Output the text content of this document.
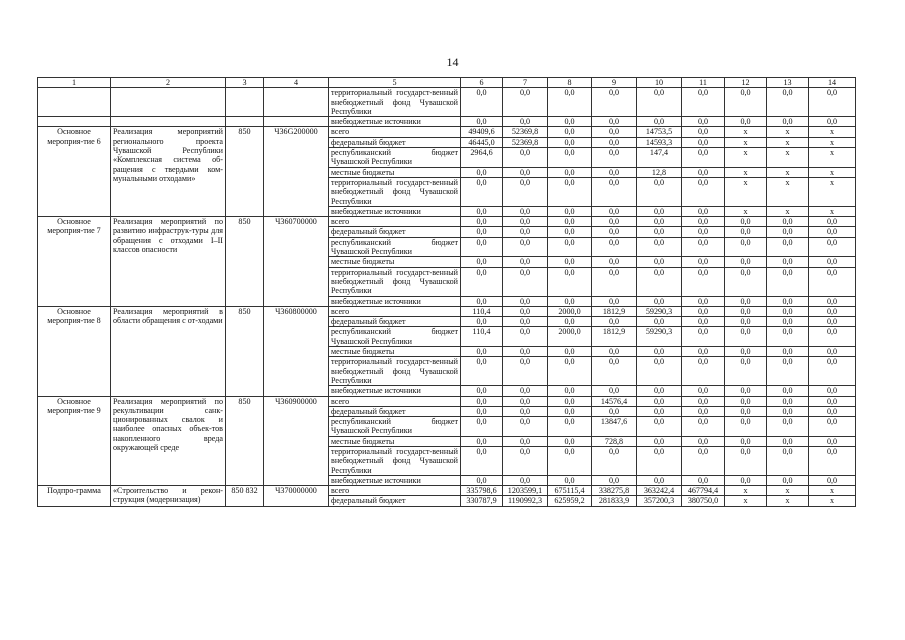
14
1	2	3	4	5	6	7	8	9	10	11	12	13	14
				территориальный государст-венный внебюджетный фонд Чувашской Республики	0,0	0,0	0,0	0,0	0,0	0,0	0,0	0,0	0,0
				внебюджетные источники	0,0	0,0	0,0	0,0	0,0	0,0	0,0	0,0	0,0
Основное мероприя-тие 6	Реализация мероприятий регионального проекта Чувашской Республики «Комплексная система об-ращения с твердыми ком-мунальными отходами»	850	Ч36G200000	всего	49409,6	52369,8	0,0	0,0	14753,5	0,0	x	x	x
				федеральный бюджет	46445,0	52369,8	0,0	0,0	14593,3	0,0	x	x	x
				республиканский бюджет Чувашской Республики	2964,6	0,0	0,0	0,0	147,4	0,0	x	x	x
				местные бюджеты	0,0	0,0	0,0	0,0	12,8	0,0	x	x	x
				территориальный государст-венный внебюджетный фонд Чувашской Республики	0,0	0,0	0,0	0,0	0,0	0,0	x	x	x
				внебюджетные источники	0,0	0,0	0,0	0,0	0,0	0,0	x	x	x
Основное мероприя-тие 7	Реализация мероприятий по развитию инфраструк-туры для обращения с отходами I–II классов опасности	850	Ч360700000	всего	0,0	0,0	0,0	0,0	0,0	0,0	0,0	0,0	0,0
				федеральный бюджет	0,0	0,0	0,0	0,0	0,0	0,0	0,0	0,0	0,0
				республиканский бюджет Чувашской Республики	0,0	0,0	0,0	0,0	0,0	0,0	0,0	0,0	0,0
				местные бюджеты	0,0	0,0	0,0	0,0	0,0	0,0	0,0	0,0	0,0
				территориальный государст-венный внебюджетный фонд Чувашской Республики	0,0	0,0	0,0	0,0	0,0	0,0	0,0	0,0	0,0
				внебюджетные источники	0,0	0,0	0,0	0,0	0,0	0,0	0,0	0,0	0,0
Основное мероприя-тие 8	Реализация мероприятий в области обращения с от-ходами	850	Ч360800000	всего	110,4	0,0	2000,0	1812,9	59290,3	0,0	0,0	0,0	0,0
				федеральный бюджет	0,0	0,0	0,0	0,0	0,0	0,0	0,0	0,0	0,0
				республиканский бюджет Чувашской Республики	110,4	0,0	2000,0	1812,9	59290,3	0,0	0,0	0,0	0,0
				местные бюджеты	0,0	0,0	0,0	0,0	0,0	0,0	0,0	0,0	0,0
				территориальный государст-венный внебюджетный фонд Чувашской Республики	0,0	0,0	0,0	0,0	0,0	0,0	0,0	0,0	0,0
				внебюджетные источники	0,0	0,0	0,0	0,0	0,0	0,0	0,0	0,0	0,0
Основное мероприя-тие 9	Реализация мероприятий по рекультивации санк-ционированных свалок и наиболее опасных объек-тов накопленного вреда окружающей среде	850	Ч360900000	всего	0,0	0,0	0,0	14576,4	0,0	0,0	0,0	0,0	0,0
				федеральный бюджет	0,0	0,0	0,0	0,0	0,0	0,0	0,0	0,0	0,0
				республиканский бюджет Чувашской Республики	0,0	0,0	0,0	13847,6	0,0	0,0	0,0	0,0	0,0
				местные бюджеты	0,0	0,0	0,0	728,8	0,0	0,0	0,0	0,0	0,0
				территориальный государст-венный внебюджетный фонд Чувашской Республики	0,0	0,0	0,0	0,0	0,0	0,0	0,0	0,0	0,0
				внебюджетные источники	0,0	0,0	0,0	0,0	0,0	0,0	0,0	0,0	0,0
Подпро-грамма	«Строительство и рекон-струкция (модернизация)	850 832	Ч370000000	всего	335798,6	1203599,1	675115,4	338275,8	363242,4	467794,4	x	x	x
				федеральный бюджет	330787,9	1190992,3	625959,2	281833,9	357200,3	380750,0	x	x	x
